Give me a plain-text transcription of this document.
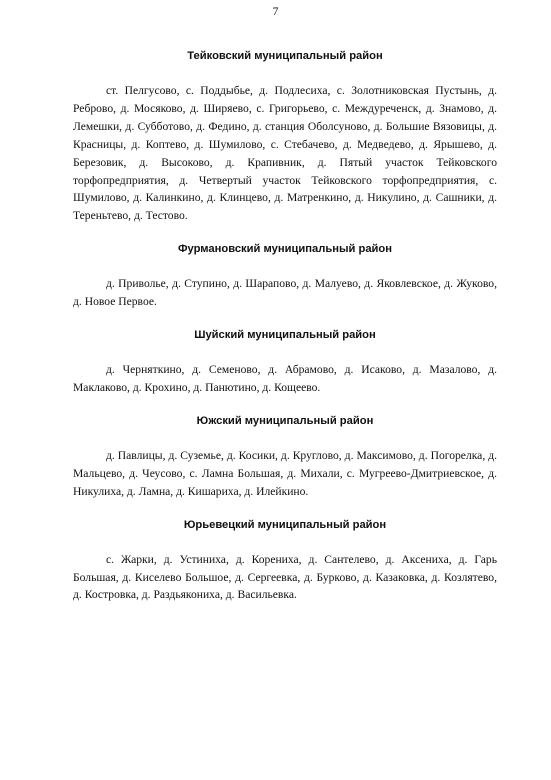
7
Тейковский муниципальный район

ст. Пелгусово, с. Поддыбье, д. Подлесиха, с. Золотниковская Пустынь, д. Реброво, д. Мосяково, д. Ширяево, с. Григорьево, с. Междуреченск, д. Знамово, д. Лемешки, д. Субботово, д. Федино, д. станция Оболсуново, д. Большие Вязовицы, д. Красницы, д. Коптево, д. Шумилово, с. Стебачево, д. Медведево, д. Ярышево, д. Березовик, д. Высоково, д. Крапивник, д. Пятый участок Тейковского торфопредприятия, д. Четвертый участок Тейковского торфопредприятия, с. Шумилово, д. Калинкино, д. Клинцево, д. Матренкино, д. Никулино, д. Сашники, д. Тереньтево, д. Тестово.

Фурмановский муниципальный район

д. Приволье, д. Ступино, д. Шарапово, д. Малуево, д. Яковлевское, д. Жуково, д. Новое Первое.

Шуйский муниципальный район

д. Черняткино, д. Семеново, д. Абрамово, д. Исаково, д. Мазалово, д. Маклаково, д. Крохино, д. Панютино, д. Кощеево.

Южский муниципальный район

д. Павлицы, д. Суземье, д. Косики, д. Круглово, д. Максимово, д. Погорелка, д. Мальцево, д. Чеусово, с. Ламна Большая, д. Михали, с. Мугреево-Дмитриевское, д. Никулиха, д. Ламна, д. Кишариха, д. Илейкино.

Юрьевецкий муниципальный район

с. Жарки, д. Устиниха, д. Корениха, д. Сантелево, д. Аксениха, д. Гарь Большая, д. Киселево Большое, д. Сергеевка, д. Бурково, д. Казаковка, д. Козлятево, д. Костровка, д. Раздьякониха, д. Васильевка.
